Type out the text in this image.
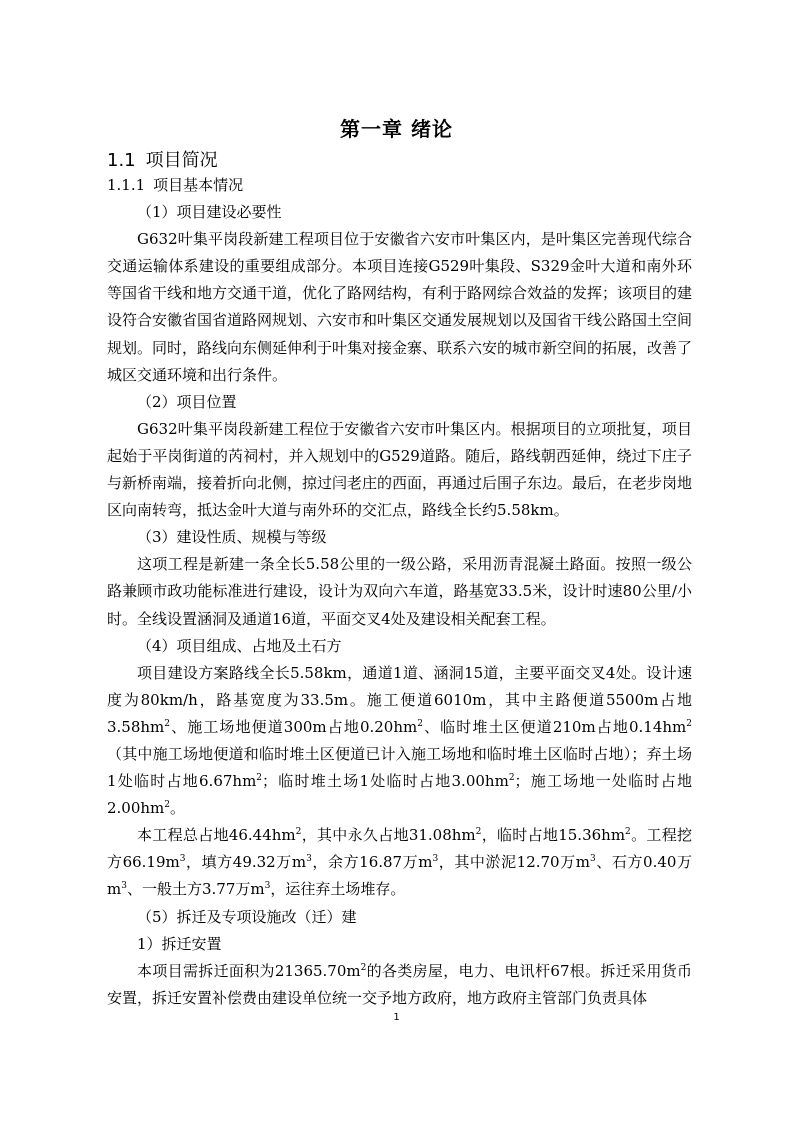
第一章 绪论
1.1 项目简况

1.1.1 项目基本情况

（1）项目建设必要性

G632叶集平岗段新建工程项目位于安徽省六安市叶集区内，是叶集区完善现代综合交通运输体系建设的重要组成部分。本项目连接G529叶集段、S329金叶大道和南外环等国省干线和地方交通干道，优化了路网结构，有利于路网综合效益的发挥；该项目的建设符合安徽省国省道路网规划、六安市和叶集区交通发展规划以及国省干线公路国土空间规划。同时，路线向东侧延伸利于叶集对接金寨、联系六安的城市新空间的拓展，改善了城区交通环境和出行条件。

（2）项目位置

G632叶集平岗段新建工程位于安徽省六安市叶集区内。根据项目的立项批复，项目起始于平岗街道的芮祠村，并入规划中的G529道路。随后，路线朝西延伸，绕过下庄子与新桥南端，接着折向北侧，掠过闫老庄的西面，再通过后围子东边。最后，在老步岗地区向南转弯，抵达金叶大道与南外环的交汇点，路线全长约5.58km。

（3）建设性质、规模与等级

这项工程是新建一条全长5.58公里的一级公路，采用沥青混凝土路面。按照一级公路兼顾市政功能标准进行建设，设计为双向六车道，路基宽33.5米，设计时速80公里/小时。全线设置涵洞及通道16道，平面交叉4处及建设相关配套工程。

（4）项目组成、占地及土石方

项目建设方案路线全长5.58km，通道1道、涵洞15道，主要平面交叉4处。设计速度为80km/h，路基宽度为33.5m。施工便道6010m，其中主路便道5500m占地$3.58hm^2$、施工场地便道300m占地$0.20hm^2$、临时堆土区便道210m占地$0.14hm^2$（其中施工场地便道和临时堆土区便道已计入施工场地和临时堆土区临时占地）；弃土场1处临时占地$6.67hm^2$；临时堆土场1处临时占地$3.00hm^2$；施工场地一处临时占地$2.00hm^2$。

本工程总占地$46.44hm^2$，其中永久占地$31.08hm^2$，临时占地$15.36hm^2$。工程挖方$66.19m^3$，填方49.32万$m^3$，余方16.87万$m^3$，其中淤泥12.70万$m^3$、石方0.40万$m^3$、一般土方3.77万$m^3$，运往弃土场堆存。

（5）拆迁及专项设施改（迁）建

1）拆迁安置

本项目需拆迁面积为$21365.70m^2$的各类房屋，电力、电讯杆67根。拆迁采用货币安置，拆迁安置补偿费由建设单位统一交予地方政府，地方政府主管部门负责具体

1
